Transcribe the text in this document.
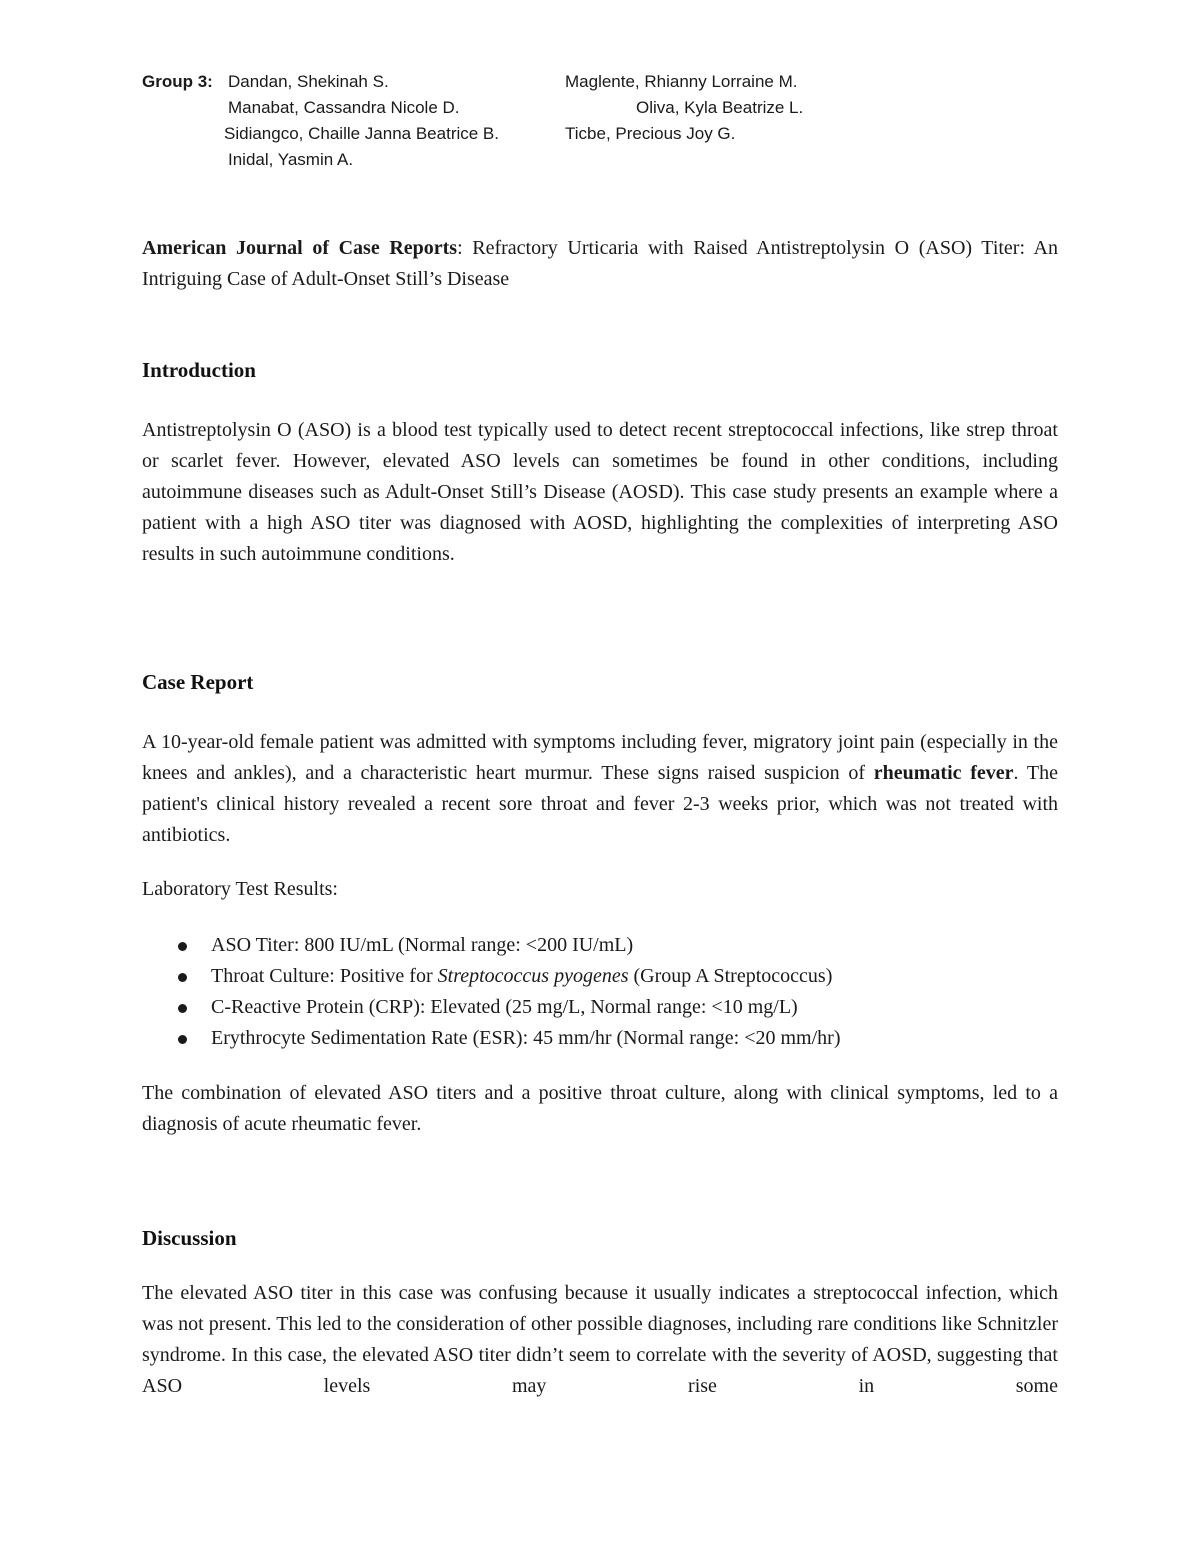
Group 3: Dandan, Shekinah S.
Manabat, Cassandra Nicole D.
Sidiangco, Chaille Janna Beatrice B.
Inidal, Yasmin A.
Maglente, Rhianny Lorraine M.
Oliva, Kyla Beatrize L.
Ticbe, Precious Joy G.

American Journal of Case Reports: Refractory Urticaria with Raised Antistreptolysin O (ASO) Titer: An Intriguing Case of Adult-Onset Still’s Disease

Introduction

Antistreptolysin O (ASO) is a blood test typically used to detect recent streptococcal infections, like strep throat or scarlet fever. However, elevated ASO levels can sometimes be found in other conditions, including autoimmune diseases such as Adult-Onset Still’s Disease (AOSD). This case study presents an example where a patient with a high ASO titer was diagnosed with AOSD, highlighting the complexities of interpreting ASO results in such autoimmune conditions.

Case Report

A 10-year-old female patient was admitted with symptoms including fever, migratory joint pain (especially in the knees and ankles), and a characteristic heart murmur. These signs raised suspicion of rheumatic fever. The patient's clinical history revealed a recent sore throat and fever 2-3 weeks prior, which was not treated with antibiotics.

Laboratory Test Results:

ASO Titer: 800 IU/mL (Normal range: <200 IU/mL)
Throat Culture: Positive for Streptococcus pyogenes (Group A Streptococcus)
C-Reactive Protein (CRP): Elevated (25 mg/L, Normal range: <10 mg/L)
Erythrocyte Sedimentation Rate (ESR): 45 mm/hr (Normal range: <20 mm/hr)

The combination of elevated ASO titers and a positive throat culture, along with clinical symptoms, led to a diagnosis of acute rheumatic fever.

Discussion

The elevated ASO titer in this case was confusing because it usually indicates a streptococcal infection, which was not present. This led to the consideration of other possible diagnoses, including rare conditions like Schnitzler syndrome. In this case, the elevated ASO titer didn’t seem to correlate with the severity of AOSD, suggesting that ASO levels may rise in some
